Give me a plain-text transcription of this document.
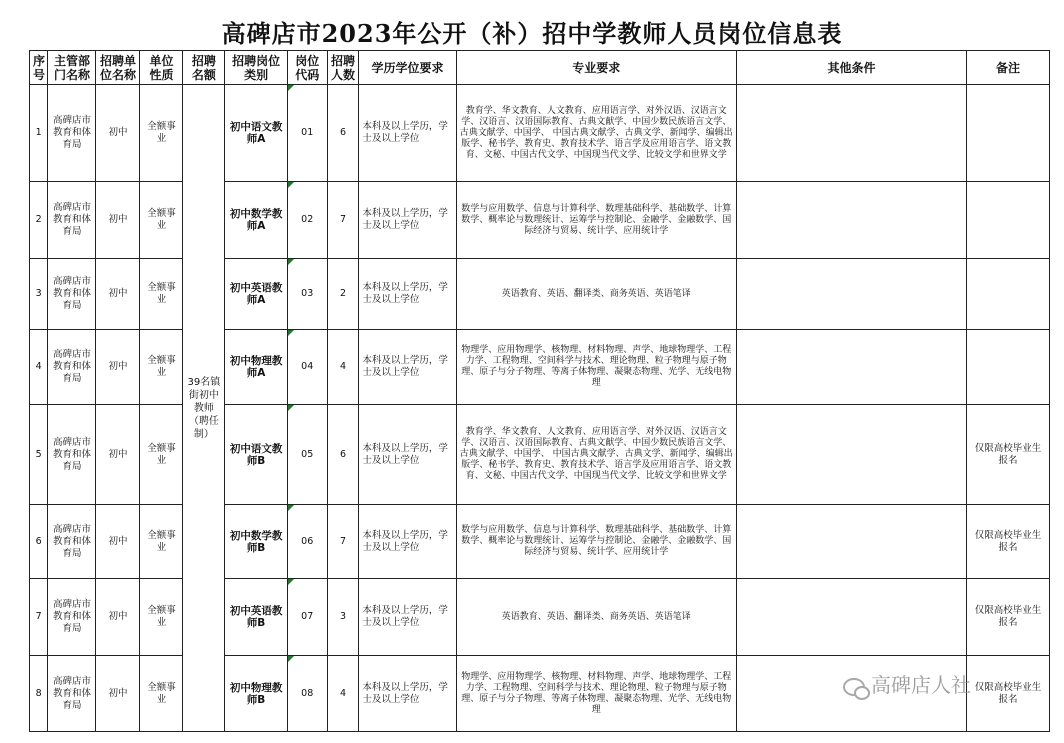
高碑店市2023年公开（补）招中学教师人员岗位信息表
序号	主管部门名称	招聘单位名称	单位性质	招聘名额	招聘岗位类别	岗位代码	招聘人数	学历学位要求	专业要求	其他条件	备注
1	高碑店市教育和体育局	初中	全额事业	39名镇街初中教师（聘任制）	初中语文教师A	01	6	本科及以上学历，学士及以上学位	教育学、华文教育、人文教育、应用语言学、对外汉语、汉语言文学、汉语言、汉语国际教育、古典文献学、中国少数民族语言文学、古典文献学、中国学、 中国古典文献学、古典文学、新闻学、编辑出版学、秘书学、教育史、教育技术学、语言学及应用语言学、语文教育、文秘、中国古代文学、中国现当代文学、比较文学和世界文学		
2	高碑店市教育和体育局	初中	全额事业		初中数学教师A	02	7	本科及以上学历，学士及以上学位	数学与应用数学、信息与计算科学、数理基础科学、基础数学、计算数学、概率论与数理统计、运筹学与控制论、金融学、金融数学、国际经济与贸易、统计学、应用统计学		
3	高碑店市教育和体育局	初中	全额事业		初中英语教师A	03	2	本科及以上学历，学士及以上学位	英语教育、英语、翻译类、商务英语、英语笔译		
4	高碑店市教育和体育局	初中	全额事业		初中物理教师A	04	4	本科及以上学历，学士及以上学位	物理学、应用物理学、核物理、材料物理、声学、地球物理学、工程力学、工程物理、空间科学与技术、理论物理、粒子物理与原子物理、原子与分子物理、等离子体物理、凝聚态物理、光学、无线电物理		
5	高碑店市教育和体育局	初中	全额事业		初中语文教师B	05	6	本科及以上学历，学士及以上学位	教育学、华文教育、人文教育、应用语言学、对外汉语、汉语言文学、汉语言、汉语国际教育、古典文献学、中国少数民族语言文学、古典文献学、中国学、 中国古典文献学、古典文学、新闻学、编辑出版学、秘书学、教育史、教育技术学、语言学及应用语言学、语文教育、文秘、中国古代文学、中国现当代文学、比较文学和世界文学		仅限高校毕业生报名
6	高碑店市教育和体育局	初中	全额事业		初中数学教师B	06	7	本科及以上学历，学士及以上学位	数学与应用数学、信息与计算科学、数理基础科学、基础数学、计算数学、概率论与数理统计、运筹学与控制论、金融学、金融数学、国际经济与贸易、统计学、应用统计学		仅限高校毕业生报名
7	高碑店市教育和体育局	初中	全额事业		初中英语教师B	07	3	本科及以上学历，学士及以上学位	英语教育、英语、翻译类、商务英语、英语笔译		仅限高校毕业生报名
8	高碑店市教育和体育局	初中	全额事业		初中物理教师B	08	4	本科及以上学历，学士及以上学位	物理学、应用物理学、核物理、材料物理、声学、地球物理学、工程力学、工程物理、空间科学与技术、理论物理、粒子物理与原子物理、原子与分子物理、等离子体物理、凝聚态物理、光学、无线电物理		仅限高校毕业生报名
高碑店人社
